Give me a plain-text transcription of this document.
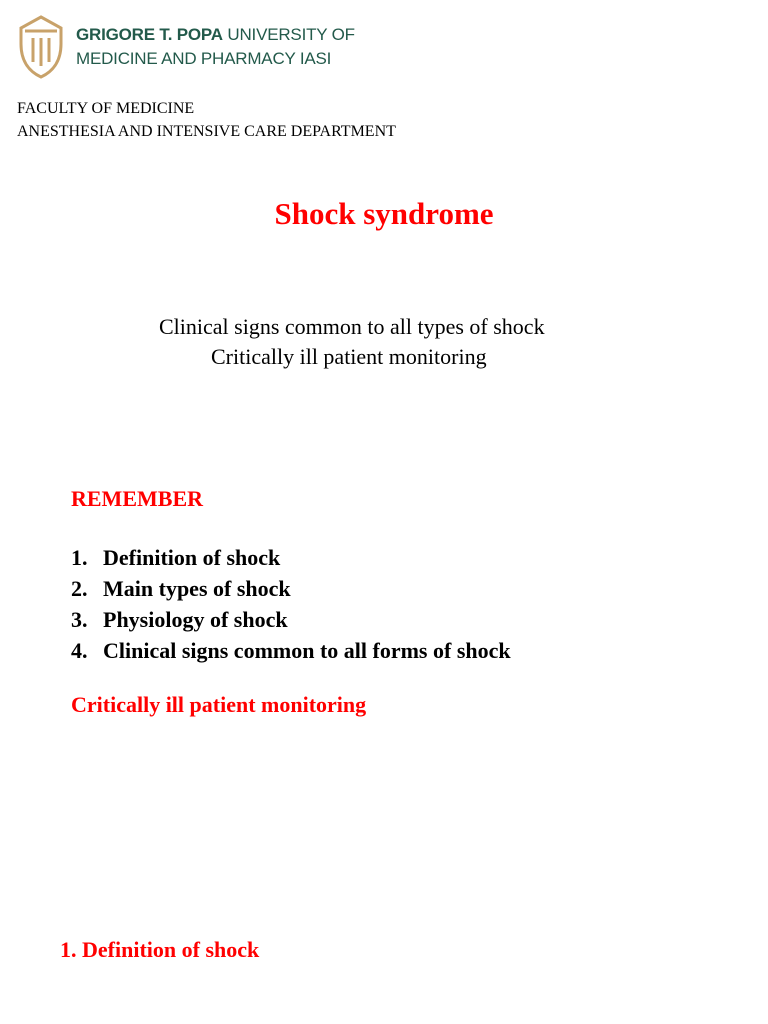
GRIGORE T. POPA UNIVERSITY OF
MEDICINE AND PHARMACY IASI
FACULTY OF MEDICINE
ANESTHESIA AND INTENSIVE CARE DEPARTMENT
Shock syndrome
Clinical signs common to all types of shock
Critically ill patient monitoring
REMEMBER
1. Definition of shock
2. Main types of shock
3. Physiology of shock
4. Clinical signs common to all forms of shock
Critically ill patient monitoring
1. Definition of shock
